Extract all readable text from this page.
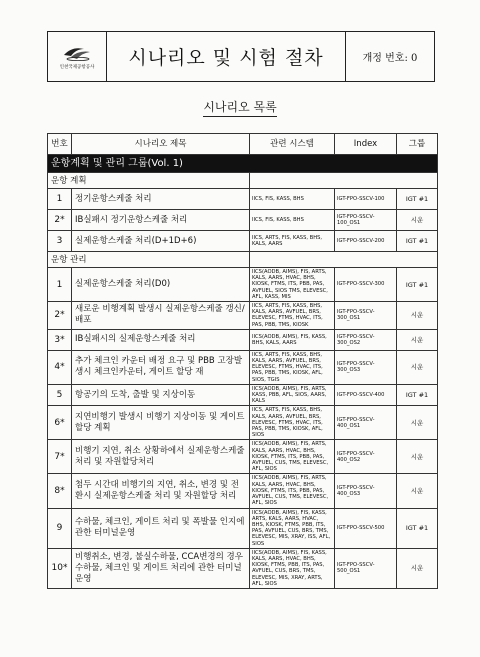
인천국제공항공사	시나리오 및 시험 절차	개정 번호: 0
시나리오 목록
번호	시나리오 제목	관련 시스템	Index	그룹
운항계획 및 관리 그룹(Vol. 1)				
운항 계획				
1	정기운항스케줄 처리	IICS, FIS, KASS, BHS	IGT-FPO-SSCV-100	IGT #1
2*	IB실패시 정기운항스케줄 처리	IICS, FIS, KASS, BHS	IGT-FPO-SSCV-100_OS1	시운
3	실제운항스케줄 처리(D+1D+6)	IICS, ARTS, FIS, KASS, BHS, KALS, AARS	IGT-FPO-SSCV-200	IGT #1
운항 관리				
1	실제운항스케줄 처리(D0)	IICS(AODB, AIMS), FIS, ARTS, KALS, AARS, HVAC, BHS, KIOSK, FTMS, ITS, PBB, PAS, AVFUEL, SIOS TMS, ELEVESC, AFL, KASS, MIS	IGT-FPO-SSCV-300	IGT #1
2*	새로운 비행계획 발생시 실제운항스케줄 갱신/배포	IICS, ARTS, FIS, KASS, BHS, KALS, AARS, AVFUEL, BRS, ELEVESC, FTMS, HVAC, ITS, PAS, PBB, TMS, KIOSK	IGT-FPO-SSCV-300_OS1	시운
3*	IB실패시의 실제운항스케줄 처리	IICS(AODB, AIMS), FIS, KASS, BHS, KALS, AARS	IGT-FPO-SSCV-300_OS2	시운
4*	추가 체크인 카운터 배정 요구 및 PBB 고장발생시 체크인카운터, 게이트 할당 재	IICS, ARTS, FIS, KASS, BHS, KALS, AARS, AVFUEL, BRS, ELEVESC, FTMS, HVAC, ITS, PAS, PBB, TMS, KIOSK, AFL, SIOS, TGIS	IGT-FPO-SSCV-300_OS3	시운
5	항공기의 도착, 출발 및 지상이동	IICS(AODB, AIMS), FIS, ARTS, KASS, PBB, AFL, SIOS, AARS, KALS	IGT-FPO-SSCV-400	IGT #1
6*	지연비행기 발생시 비행기 지상이동 및 게이트 할당 계획	IICS, ARTS, FIS, KASS, BHS, KALS, AARS, AVFUEL, BRS, ELEVESC, FTMS, HVAC, ITS, PAS, PBB, TMS, KIOSK, AFL, SIOS	IGT-FPO-SSCV-400_OS1	시운
7*	비행기 지연, 취소 상황하에서 실제운항스케줄 처리 및 자원할당처리	IICS(AODB, AIMS), FIS, ARTS, KALS, AARS, HVAC, BHS, KIOSK, FTMS, ITS, PBB, PAS, AVFUEL, CUS, TMS, ELEVESC, AFL, SIOS	IGT-FPO-SSCV-400_OS2	시운
8*	첨두 시간대 비행기의 지연, 취소, 변경 및 전환시 실제운항스케줄 처리 및 자원할당 처리	IICS(AODB, AIMS), FIS, ARTS, KALS, AARS, HVAC, BHS, KIOSK, FTMS, ITS, PBB, PAS, AVFUEL, CUS, TMS, ELEVESC, AFL, SIOS	IGT-FPO-SSCV-400_OS3	시운
9	수하물, 체크인, 게이트 처리 및 폭발물 인지에 관한 터미널운영	IICS(AODB, AIMS), FIS, KASS, ARTS, KALS, AARS, HVAC, BHS, KIOSK, FTMS, PBB, ITS, PAS, AVFUEL, CUS, BRS, TMS, ELEVESC, MIS, XRAY, ISS, AFL, SIOS	IGT-FPO-SSCV-500	IGT #1
10*	비행취소, 변경, 불실수하물, CCA변경의 경우 수하물, 체크인 및 게이트 처리에 관한 터미널운영	IICS(AODB, AIMS), FIS, KASS, KALS, AARS, HVAC, BHS, KIOSK, FTMS, PBB, ITS, PAS, AVFUEL, CUS, BRS, TMS, ELEVESC, MIS, XRAY, ARTS, AFL, SIOS	IGT-FPO-SSCV-500_OS1	시운
